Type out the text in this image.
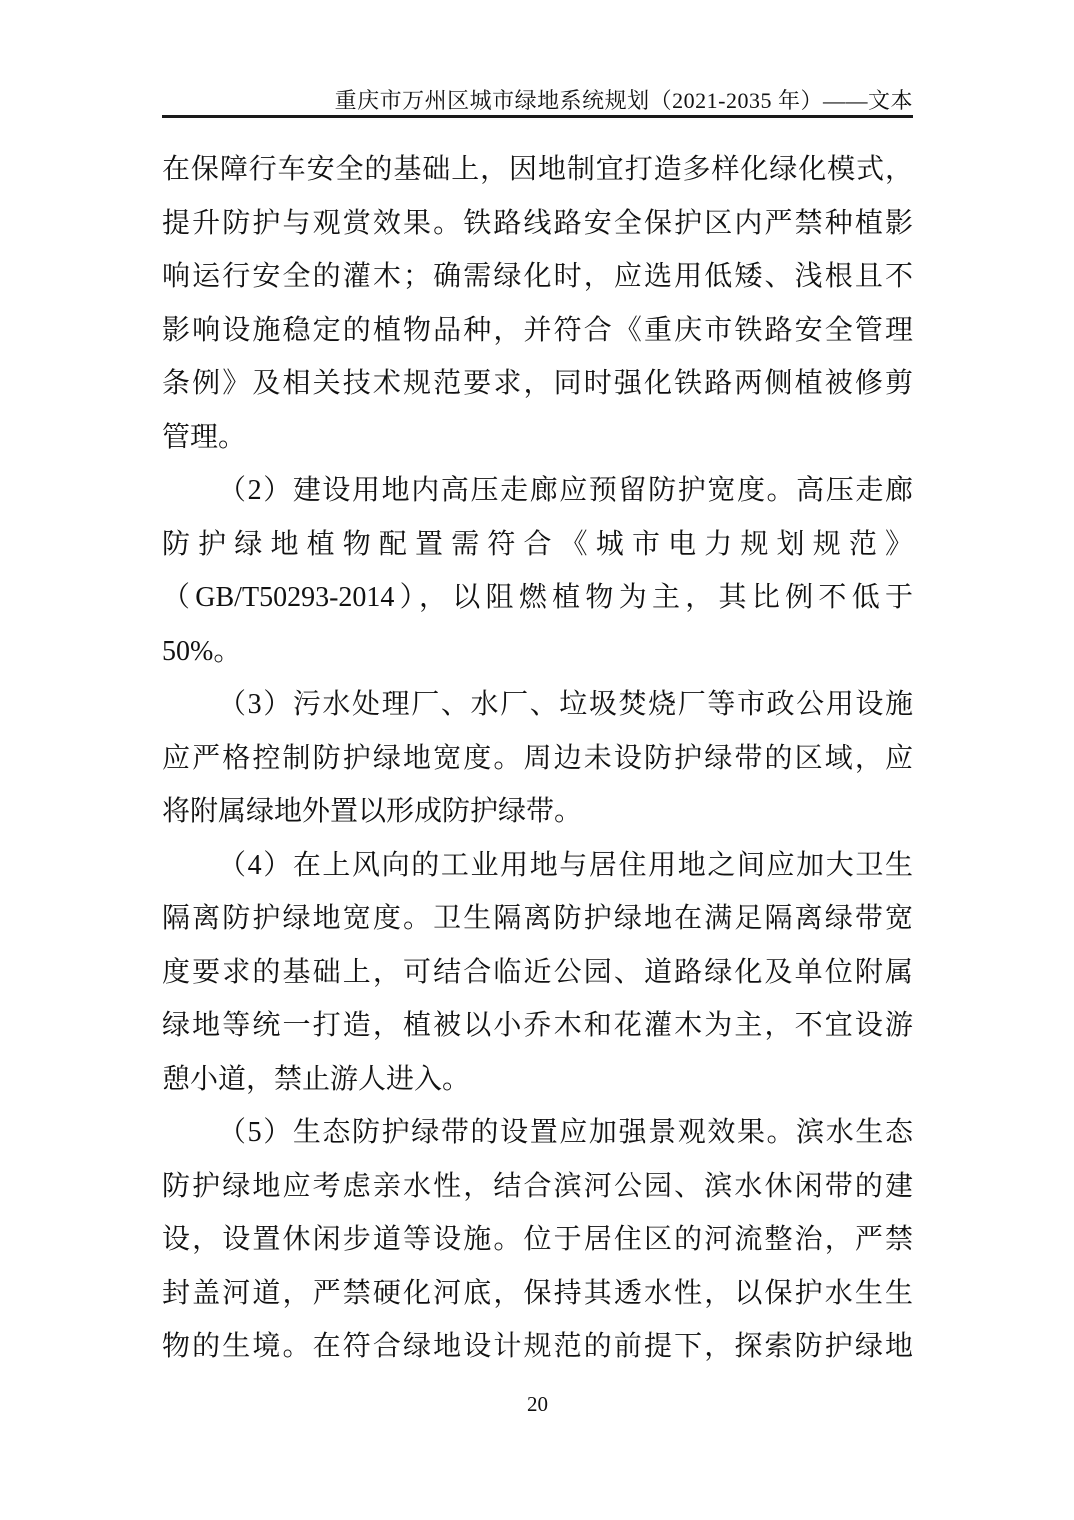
重庆市万州区城市绿地系统规划（2021-2035 年）——文本
在保障行车安全的基础上，因地制宜打造多样化绿化模式，
提升防护与观赏效果。铁路线路安全保护区内严禁种植影
响运行安全的灌木；确需绿化时，应选用低矮、浅根且不
影响设施稳定的植物品种，并符合《重庆市铁路安全管理
条例》及相关技术规范要求，同时强化铁路两侧植被修剪
管理。
（2）建设用地内高压走廊应预留防护宽度。高压走廊
防护绿地植物配置需符合《城市电力规划规范》
（GB/T50293-2014），以阻燃植物为主，其比例不低于
50%。
（3）污水处理厂、水厂、垃圾焚烧厂等市政公用设施
应严格控制防护绿地宽度。周边未设防护绿带的区域，应
将附属绿地外置以形成防护绿带。
（4）在上风向的工业用地与居住用地之间应加大卫生
隔离防护绿地宽度。卫生隔离防护绿地在满足隔离绿带宽
度要求的基础上，可结合临近公园、道路绿化及单位附属
绿地等统一打造，植被以小乔木和花灌木为主，不宜设游
憩小道，禁止游人进入。
（5）生态防护绿带的设置应加强景观效果。滨水生态
防护绿地应考虑亲水性，结合滨河公园、滨水休闲带的建
设，设置休闲步道等设施。位于居住区的河流整治，严禁
封盖河道，严禁硬化河底，保持其透水性，以保护水生生
物的生境。在符合绿地设计规范的前提下，探索防护绿地
20
